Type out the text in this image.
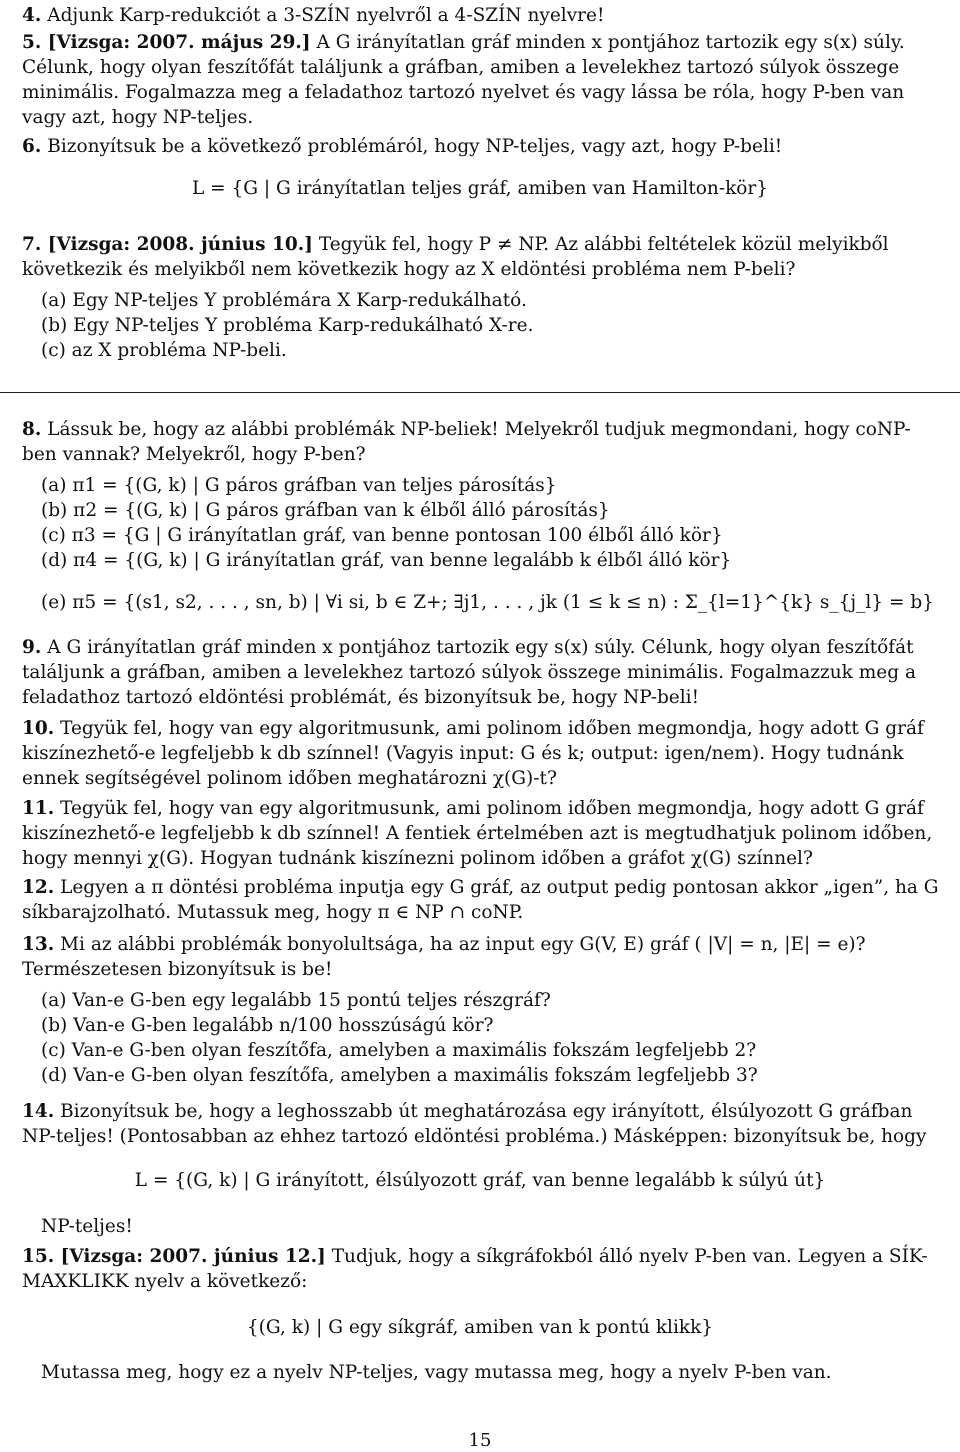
4. Adjunk Karp-redukciót a 3-SZÍN nyelvről a 4-SZÍN nyelvre!

5. [Vizsga: 2007. május 29.] A G irányítatlan gráf minden x pontjához tartozik egy s(x) súly. Célunk, hogy olyan feszítőfát találjunk a gráfban, amiben a levelekhez tartozó súlyok összege minimális. Fogalmazza meg a feladathoz tartozó nyelvet és vagy lássa be róla, hogy P-ben van vagy azt, hogy NP-teljes.

6. Bizonyítsuk be a következő problémáról, hogy NP-teljes, vagy azt, hogy P-beli!

L = {G | G irányítatlan teljes gráf, amiben van Hamilton-kör}

7. [Vizsga: 2008. június 10.] Tegyük fel, hogy P ≠ NP. Az alábbi feltételek közül melyikből következik és melyikből nem következik hogy az X eldöntési probléma nem P-beli?

(a) Egy NP-teljes Y problémára X Karp-redukálható.

(b) Egy NP-teljes Y probléma Karp-redukálható X-re.

(c) az X probléma NP-beli.

8. Lássuk be, hogy az alábbi problémák NP-beliek! Melyekről tudjuk megmondani, hogy coNP-ben vannak? Melyekről, hogy P-ben?

(a) π1 = {(G, k) | G páros gráfban van teljes párosítás}

(b) π2 = {(G, k) | G páros gráfban van k élből álló párosítás}

(c) π3 = {G | G irányítatlan gráf, van benne pontosan 100 élből álló kör}

(d) π4 = {(G, k) | G irányítatlan gráf, van benne legalább k élből álló kör}

(e) π5 = {(s1, s2, . . . , sn, b) | ∀i si, b ∈ Z+; ∃j1, . . . , jk (1 ≤ k ≤ n) : Σ_{l=1}^{k} s_{j_l} = b}

9. A G irányítatlan gráf minden x pontjához tartozik egy s(x) súly. Célunk, hogy olyan feszítőfát találjunk a gráfban, amiben a levelekhez tartozó súlyok összege minimális. Fogalmazzuk meg a feladathoz tartozó eldöntési problémát, és bizonyítsuk be, hogy NP-beli!

10. Tegyük fel, hogy van egy algoritmusunk, ami polinom időben megmondja, hogy adott G gráf kiszínezhető-e legfeljebb k db színnel! (Vagyis input: G és k; output: igen/nem). Hogy tudnánk ennek segítségével polinom időben meghatározni χ(G)-t?

11. Tegyük fel, hogy van egy algoritmusunk, ami polinom időben megmondja, hogy adott G gráf kiszínezhető-e legfeljebb k db színnel! A fentiek értelmében azt is megtudhatjuk polinom időben, hogy mennyi χ(G). Hogyan tudnánk kiszínezni polinom időben a gráfot χ(G) színnel?

12. Legyen a π döntési probléma inputja egy G gráf, az output pedig pontosan akkor „igen”, ha G síkbarajzolható. Mutassuk meg, hogy π ∈ NP ∩ coNP.

13. Mi az alábbi problémák bonyolultsága, ha az input egy G(V, E) gráf ( |V| = n, |E| = e)? Természetesen bizonyítsuk is be!

(a) Van-e G-ben egy legalább 15 pontú teljes részgráf?

(b) Van-e G-ben legalább n/100 hosszúságú kör?

(c) Van-e G-ben olyan feszítőfa, amelyben a maximális fokszám legfeljebb 2?

(d) Van-e G-ben olyan feszítőfa, amelyben a maximális fokszám legfeljebb 3?

14. Bizonyítsuk be, hogy a leghosszabb út meghatározása egy irányított, élsúlyozott G gráfban NP-teljes! (Pontosabban az ehhez tartozó eldöntési probléma.) Másképpen: bizonyítsuk be, hogy

L = {(G, k) | G irányított, élsúlyozott gráf, van benne legalább k súlyú út}

NP-teljes!

15. [Vizsga: 2007. június 12.] Tudjuk, hogy a síkgráfokból álló nyelv P-ben van. Legyen a SÍK-MAXKLIKK nyelv a következő:

{(G, k) | G egy síkgráf, amiben van k pontú klikk}

Mutassa meg, hogy ez a nyelv NP-teljes, vagy mutassa meg, hogy a nyelv P-ben van.

15
